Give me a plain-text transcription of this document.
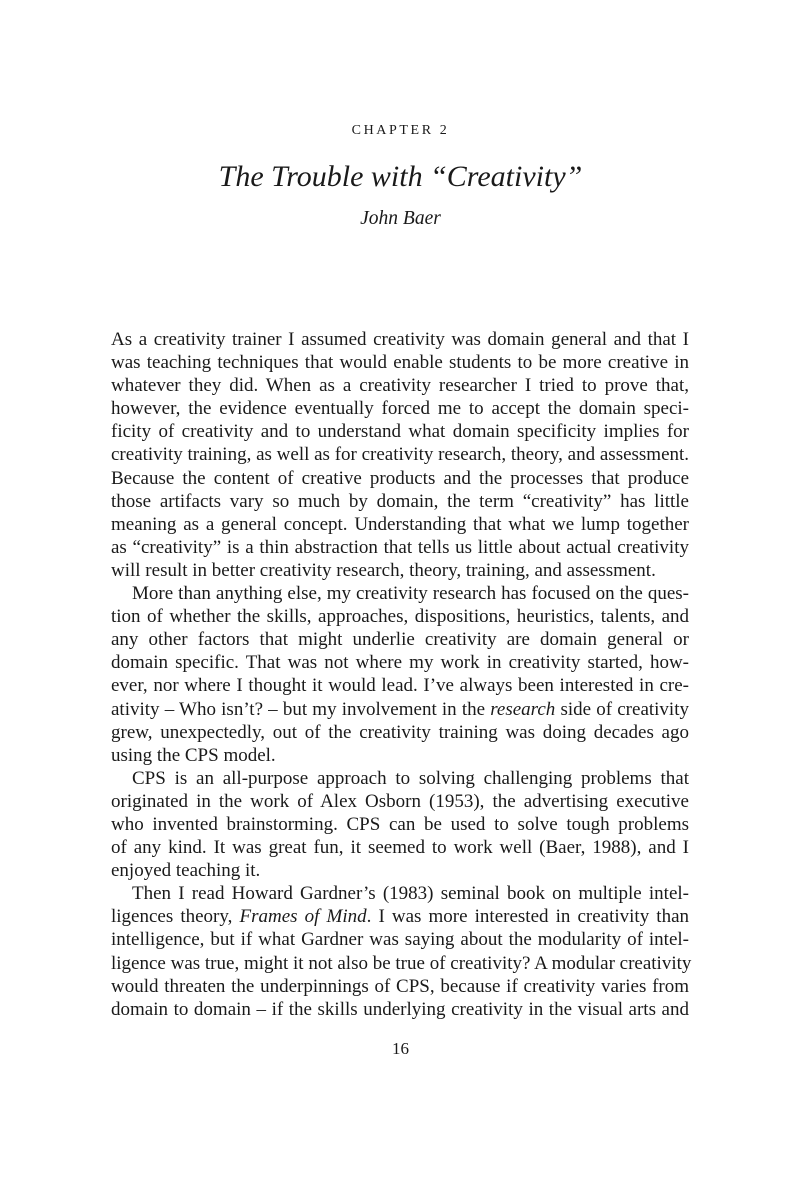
CHAPTER 2
The Trouble with “Creativity”
John Baer
As a creativity trainer I assumed creativity was domain general and that I
was teaching techniques that would enable students to be more creative in
whatever they did. When as a creativity researcher I tried to prove that,
however, the evidence eventually forced me to accept the domain speci-
ficity of creativity and to understand what domain specificity implies for
creativity training, as well as for creativity research, theory, and assessment.
Because the content of creative products and the processes that produce
those artifacts vary so much by domain, the term “creativity” has little
meaning as a general concept. Understanding that what we lump together
as “creativity” is a thin abstraction that tells us little about actual creativity
will result in better creativity research, theory, training, and assessment.
More than anything else, my creativity research has focused on the ques-
tion of whether the skills, approaches, dispositions, heuristics, talents, and
any other factors that might underlie creativity are domain general or
domain specific. That was not where my work in creativity started, how-
ever, nor where I thought it would lead. I’ve always been interested in cre-
ativity – Who isn’t? – but my involvement in the research side of creativity
grew, unexpectedly, out of the creativity training was doing decades ago
using the CPS model.
CPS is an all-purpose approach to solving challenging problems that
originated in the work of Alex Osborn (1953), the advertising executive
who invented brainstorming. CPS can be used to solve tough problems
of any kind. It was great fun, it seemed to work well (Baer, 1988), and I
enjoyed teaching it.
Then I read Howard Gardner’s (1983) seminal book on multiple intel-
ligences theory, Frames of Mind. I was more interested in creativity than
intelligence, but if what Gardner was saying about the modularity of intel-
ligence was true, might it not also be true of creativity? A modular creativity
would threaten the underpinnings of CPS, because if creativity varies from
domain to domain – if the skills underlying creativity in the visual arts and
16
